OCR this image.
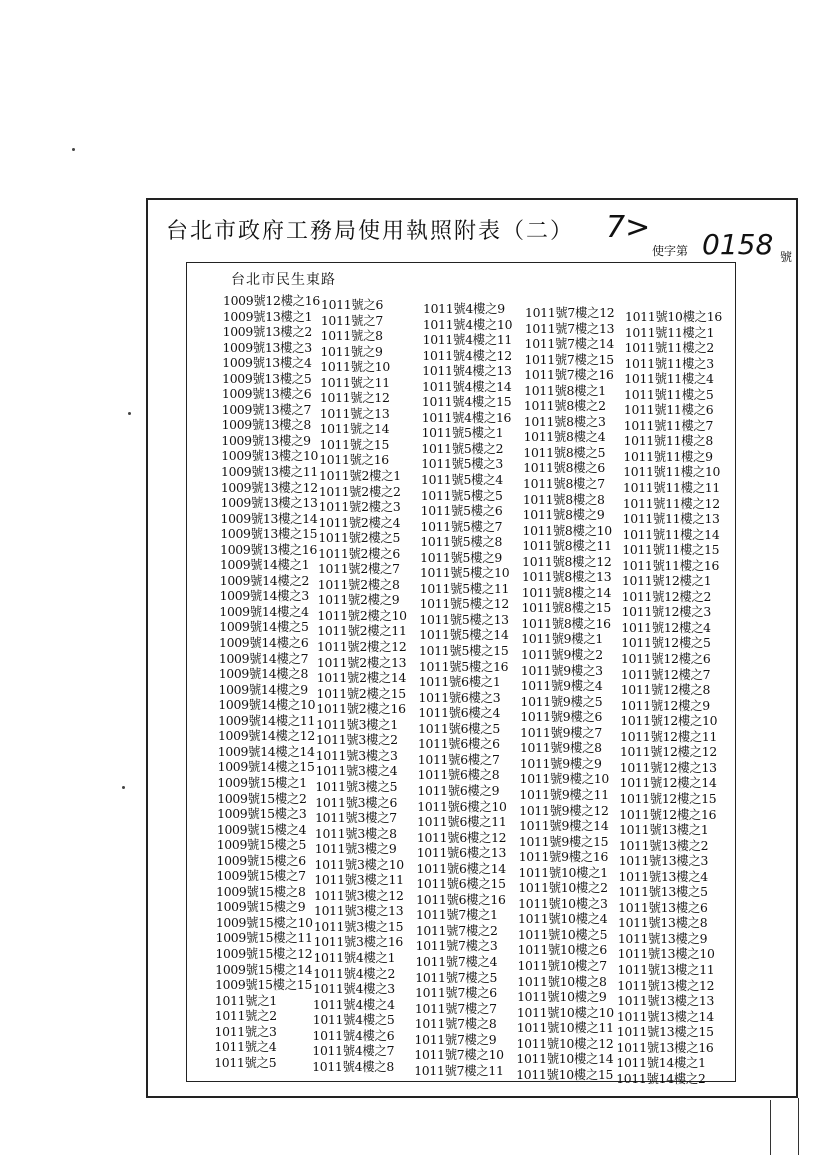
台北市政府工務局使用執照附表（二） 7>
使字第 0158 號
台北市民生東路
1009號12樓之16
1009號13樓之1
1009號13樓之2
1009號13樓之3
1009號13樓之4
1009號13樓之5
1009號13樓之6
1009號13樓之7
1009號13樓之8
1009號13樓之9
1009號13樓之10
1009號13樓之11
1009號13樓之12
1009號13樓之13
1009號13樓之14
1009號13樓之15
1009號13樓之16
1009號14樓之1
1009號14樓之2
1009號14樓之3
1009號14樓之4
1009號14樓之5
1009號14樓之6
1009號14樓之7
1009號14樓之8
1009號14樓之9
1009號14樓之10
1009號14樓之11
1009號14樓之12
1009號14樓之14
1009號14樓之15
1009號15樓之1
1009號15樓之2
1009號15樓之3
1009號15樓之4
1009號15樓之5
1009號15樓之6
1009號15樓之7
1009號15樓之8
1009號15樓之9
1009號15樓之10
1009號15樓之11
1009號15樓之12
1009號15樓之14
1009號15樓之15
1011號之1
1011號之2
1011號之3
1011號之4
1011號之5
1011號之6
1011號之7
1011號之8
1011號之9
1011號之10
1011號之11
1011號之12
1011號之13
1011號之14
1011號之15
1011號之16
1011號2樓之1
1011號2樓之2
1011號2樓之3
1011號2樓之4
1011號2樓之5
1011號2樓之6
1011號2樓之7
1011號2樓之8
1011號2樓之9
1011號2樓之10
1011號2樓之11
1011號2樓之12
1011號2樓之13
1011號2樓之14
1011號2樓之15
1011號2樓之16
1011號3樓之1
1011號3樓之2
1011號3樓之3
1011號3樓之4
1011號3樓之5
1011號3樓之6
1011號3樓之7
1011號3樓之8
1011號3樓之9
1011號3樓之10
1011號3樓之11
1011號3樓之12
1011號3樓之13
1011號3樓之15
1011號3樓之16
1011號4樓之1
1011號4樓之2
1011號4樓之3
1011號4樓之4
1011號4樓之5
1011號4樓之6
1011號4樓之7
1011號4樓之8
1011號4樓之9
1011號4樓之10
1011號4樓之11
1011號4樓之12
1011號4樓之13
1011號4樓之14
1011號4樓之15
1011號4樓之16
1011號5樓之1
1011號5樓之2
1011號5樓之3
1011號5樓之4
1011號5樓之5
1011號5樓之6
1011號5樓之7
1011號5樓之8
1011號5樓之9
1011號5樓之10
1011號5樓之11
1011號5樓之12
1011號5樓之13
1011號5樓之14
1011號5樓之15
1011號5樓之16
1011號6樓之1
1011號6樓之3
1011號6樓之4
1011號6樓之5
1011號6樓之6
1011號6樓之7
1011號6樓之8
1011號6樓之9
1011號6樓之10
1011號6樓之11
1011號6樓之12
1011號6樓之13
1011號6樓之14
1011號6樓之15
1011號6樓之16
1011號7樓之1
1011號7樓之2
1011號7樓之3
1011號7樓之4
1011號7樓之5
1011號7樓之6
1011號7樓之7
1011號7樓之8
1011號7樓之9
1011號7樓之10
1011號7樓之11
1011號7樓之12
1011號7樓之13
1011號7樓之14
1011號7樓之15
1011號7樓之16
1011號8樓之1
1011號8樓之2
1011號8樓之3
1011號8樓之4
1011號8樓之5
1011號8樓之6
1011號8樓之7
1011號8樓之8
1011號8樓之9
1011號8樓之10
1011號8樓之11
1011號8樓之12
1011號8樓之13
1011號8樓之14
1011號8樓之15
1011號8樓之16
1011號9樓之1
1011號9樓之2
1011號9樓之3
1011號9樓之4
1011號9樓之5
1011號9樓之6
1011號9樓之7
1011號9樓之8
1011號9樓之9
1011號9樓之10
1011號9樓之11
1011號9樓之12
1011號9樓之14
1011號9樓之15
1011號9樓之16
1011號10樓之1
1011號10樓之2
1011號10樓之3
1011號10樓之4
1011號10樓之5
1011號10樓之6
1011號10樓之7
1011號10樓之8
1011號10樓之9
1011號10樓之10
1011號10樓之11
1011號10樓之12
1011號10樓之14
1011號10樓之15
1011號10樓之16
1011號11樓之1
1011號11樓之2
1011號11樓之3
1011號11樓之4
1011號11樓之5
1011號11樓之6
1011號11樓之7
1011號11樓之8
1011號11樓之9
1011號11樓之10
1011號11樓之11
1011號11樓之12
1011號11樓之13
1011號11樓之14
1011號11樓之15
1011號11樓之16
1011號12樓之1
1011號12樓之2
1011號12樓之3
1011號12樓之4
1011號12樓之5
1011號12樓之6
1011號12樓之7
1011號12樓之8
1011號12樓之9
1011號12樓之10
1011號12樓之11
1011號12樓之12
1011號12樓之13
1011號12樓之14
1011號12樓之15
1011號12樓之16
1011號13樓之1
1011號13樓之2
1011號13樓之3
1011號13樓之4
1011號13樓之5
1011號13樓之6
1011號13樓之8
1011號13樓之9
1011號13樓之10
1011號13樓之11
1011號13樓之12
1011號13樓之13
1011號13樓之14
1011號13樓之15
1011號13樓之16
1011號14樓之1
1011號14樓之2
